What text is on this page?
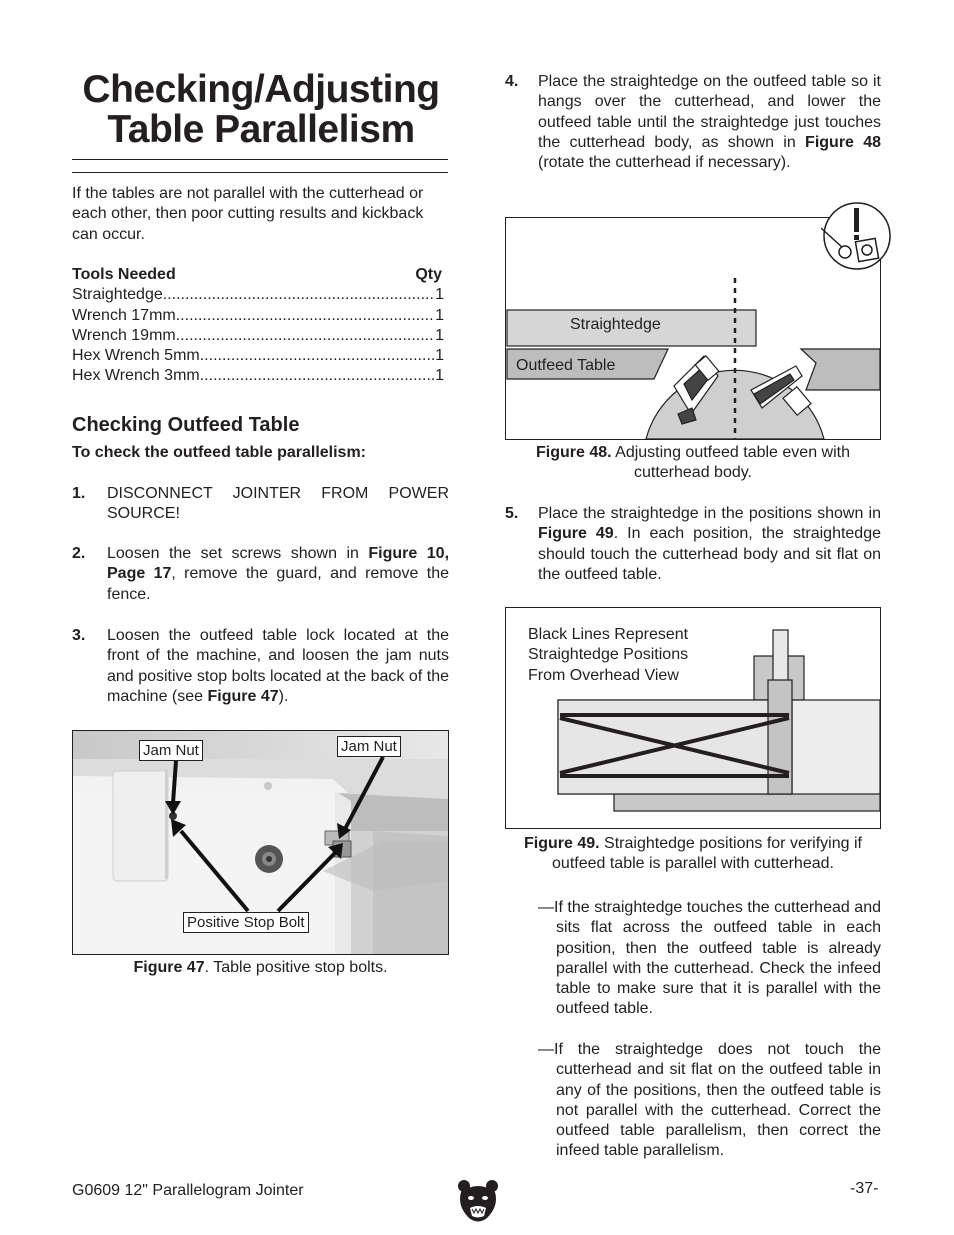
Checking/Adjusting
Table Parallelism
If the tables are not parallel with the cutterhead or each other, then poor cutting results and kickback can occur.
Tools Needed	Qty
Straightedge .....	1
Wrench 17mm .....	1
Wrench 19mm .....	1
Hex Wrench 5mm .....	1
Hex Wrench 3mm .....	1
Checking Outfeed Table
To check the outfeed table parallelism:
1. DISCONNECT JOINTER FROM POWER SOURCE!
2. Loosen the set screws shown in Figure 10, Page 17, remove the guard, and remove the fence.
3. Loosen the outfeed table lock located at the front of the machine, and loosen the jam nuts and positive stop bolts located at the back of the machine (see Figure 47).
Jam Nut	Jam Nut
Positive Stop Bolt
Figure 47. Table positive stop bolts.
4. Place the straightedge on the outfeed table so it hangs over the cutterhead, and lower the outfeed table until the straightedge just touches the cutterhead body, as shown in Figure 48 (rotate the cutterhead if necessary).
Straightedge
Outfeed Table
Figure 48. Adjusting outfeed table even with cutterhead body.
5. Place the straightedge in the positions shown in Figure 49. In each position, the straightedge should touch the cutterhead body and sit flat on the outfeed table.
Black Lines Represent
Straightedge Positions
From Overhead View
Figure 49. Straightedge positions for verifying if outfeed table is parallel with cutterhead.
—If the straightedge touches the cutterhead and sits flat across the outfeed table in each position, then the outfeed table is already parallel with the cutterhead. Check the infeed table to make sure that it is parallel with the outfeed table.
—If the straightedge does not touch the cutterhead and sit flat on the outfeed table in any of the positions, then the outfeed table is not parallel with the cutterhead. Correct the outfeed table parallelism, then correct the infeed table parallelism.
G0609 12" Parallelogram Jointer	-37-
